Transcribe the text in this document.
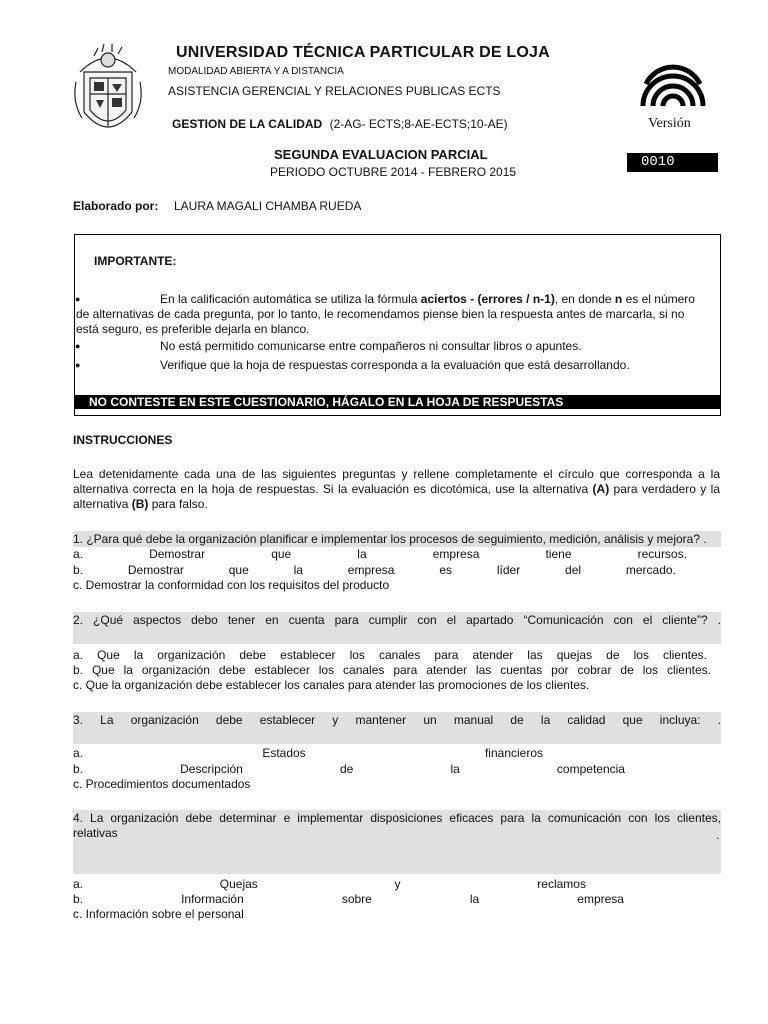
UNIVERSIDAD TÉCNICA PARTICULAR DE LOJA
MODALIDAD ABIERTA Y A DISTANCIA
ASISTENCIA GERENCIAL Y RELACIONES PUBLICAS ECTS
GESTION DE LA CALIDAD (2-AG- ECTS;8-AE-ECTS;10-AE)
SEGUNDA EVALUACION PARCIAL
PERIODO OCTUBRE 2014 - FEBRERO 2015
Versión
0010
Elaborado por: LAURA MAGALI CHAMBA RUEDA
IMPORTANTE:
●	En la calificación automática se utiliza la fórmula aciertos - (errores / n-1), en donde n es el número
de alternativas de cada pregunta, por lo tanto, le recomendamos piense bien la respuesta antes de marcarla, si no
está seguro, es preferible dejarla en blanco.
●	No está permitido comunicarse entre compañeros ni consultar libros o apuntes.
●	Verifique que la hoja de respuestas corresponda a la evaluación que está desarrollando.
NO CONTESTE EN ESTE CUESTIONARIO, HÁGALO EN LA HOJA DE RESPUESTAS
INSTRUCCIONES
Lea detenidamente cada una de las siguientes preguntas y rellene completamente el círculo que corresponda a la
alternativa correcta en la hoja de respuestas. Si la evaluación es dicotómica, use la alternativa (A) para verdadero y la
alternativa (B) para falso.
1. ¿Para qué debe la organización planificar e implementar los procesos de seguimiento, medición, análisis y mejora? .
a.	Demostrar	que	la	empresa	tiene	recursos.
b.	Demostrar	que	la	empresa	es	líder	del	mercado.
c. Demostrar la conformidad con los requisitos del producto
2. ¿Qué aspectos debo tener en cuenta para cumplir con el apartado “Comunicación con el cliente”? .
a. Que la organización debe establecer los canales para atender las quejas de los clientes.
b. Que la organización debe establecer los canales para atender las cuentas por cobrar de los clientes.
c. Que la organización debe establecer los canales para atender las promociones de los clientes.
3. La organización debe establecer y mantener un manual de la calidad que incluya: .
a.	Estados	financieros
b.	Descripción	de	la	competencia
c. Procedimientos documentados
4. La organización debe determinar e implementar disposiciones eficaces para la comunicación con los clientes,
relativas	.
a.	Quejas	y	reclamos
b.	Información	sobre	la	empresa
c. Información sobre el personal
